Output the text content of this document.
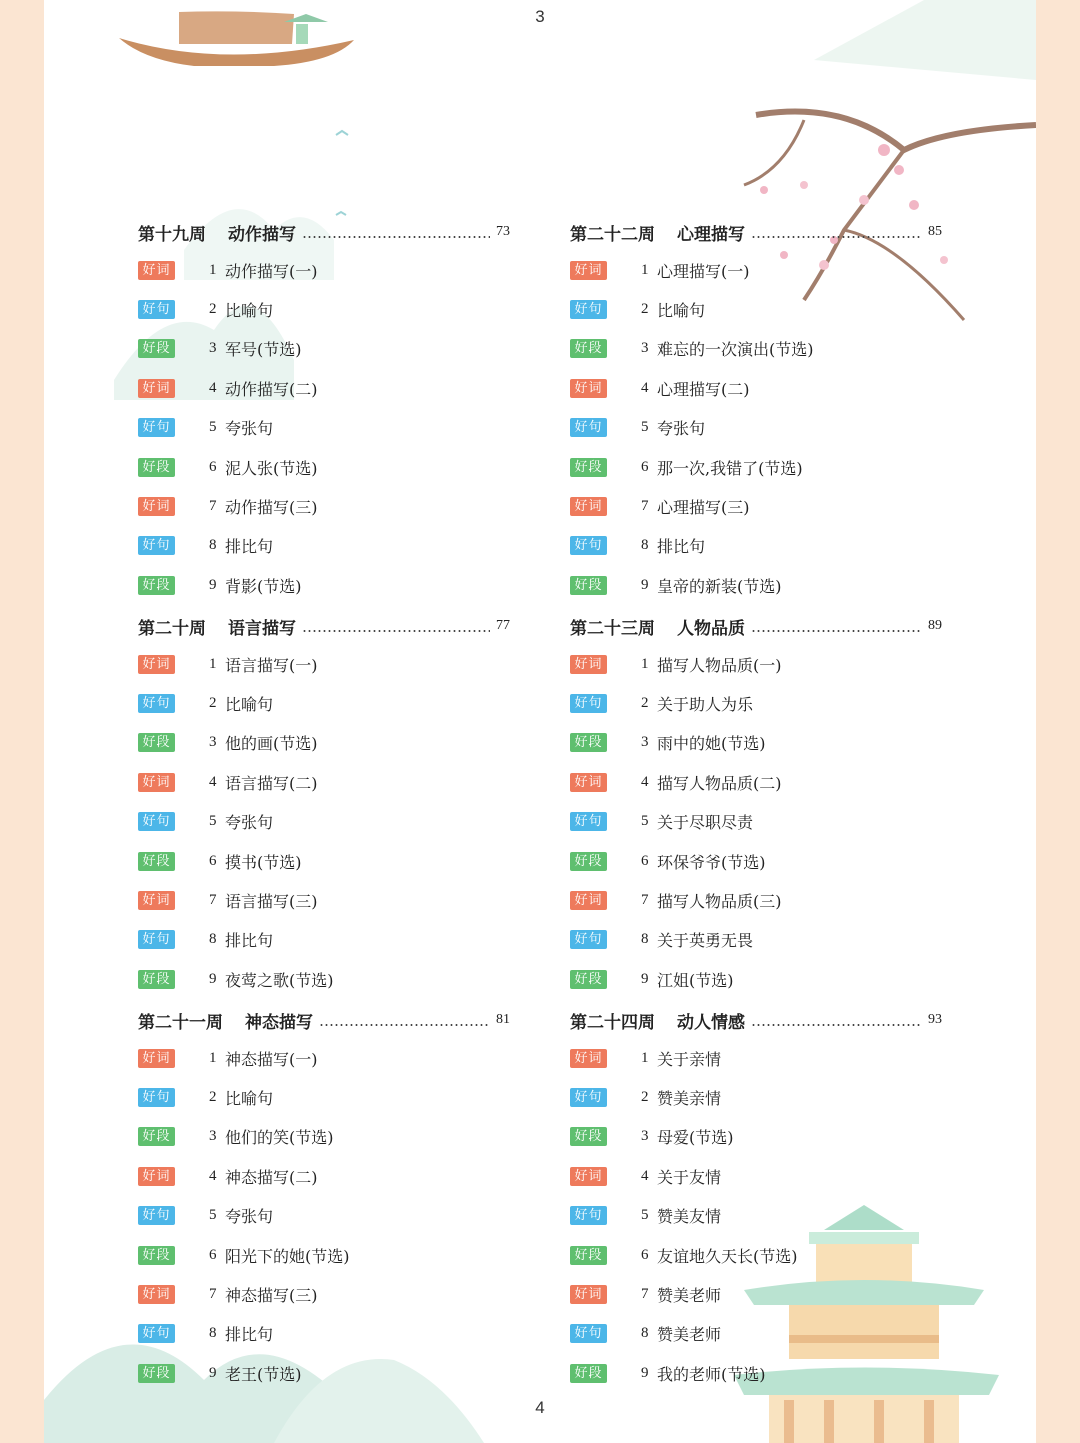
3
4
第十九周 动作描写	73
好词	1 动作描写(一)
好句	2 比喻句
好段	3 军号(节选)
好词	4 动作描写(二)
好句	5 夸张句
好段	6 泥人张(节选)
好词	7 动作描写(三)
好句	8 排比句
好段	9 背影(节选)
第二十周 语言描写	77
好词	1 语言描写(一)
好句	2 比喻句
好段	3 他的画(节选)
好词	4 语言描写(二)
好句	5 夸张句
好段	6 摸书(节选)
好词	7 语言描写(三)
好句	8 排比句
好段	9 夜莺之歌(节选)
第二十一周 神态描写	81
好词	1 神态描写(一)
好句	2 比喻句
好段	3 他们的笑(节选)
好词	4 神态描写(二)
好句	5 夸张句
好段	6 阳光下的她(节选)
好词	7 神态描写(三)
好句	8 排比句
好段	9 老王(节选)
第二十二周 心理描写	85
好词	1 心理描写(一)
好句	2 比喻句
好段	3 难忘的一次演出(节选)
好词	4 心理描写(二)
好句	5 夸张句
好段	6 那一次,我错了(节选)
好词	7 心理描写(三)
好句	8 排比句
好段	9 皇帝的新装(节选)
第二十三周 人物品质	89
好词	1 描写人物品质(一)
好句	2 关于助人为乐
好段	3 雨中的她(节选)
好词	4 描写人物品质(二)
好句	5 关于尽职尽责
好段	6 环保爷爷(节选)
好词	7 描写人物品质(三)
好句	8 关于英勇无畏
好段	9 江姐(节选)
第二十四周 动人情感	93
好词	1 关于亲情
好句	2 赞美亲情
好段	3 母爱(节选)
好词	4 关于友情
好句	5 赞美友情
好段	6 友谊地久天长(节选)
好词	7 赞美老师
好句	8 赞美老师
好段	9 我的老师(节选)
